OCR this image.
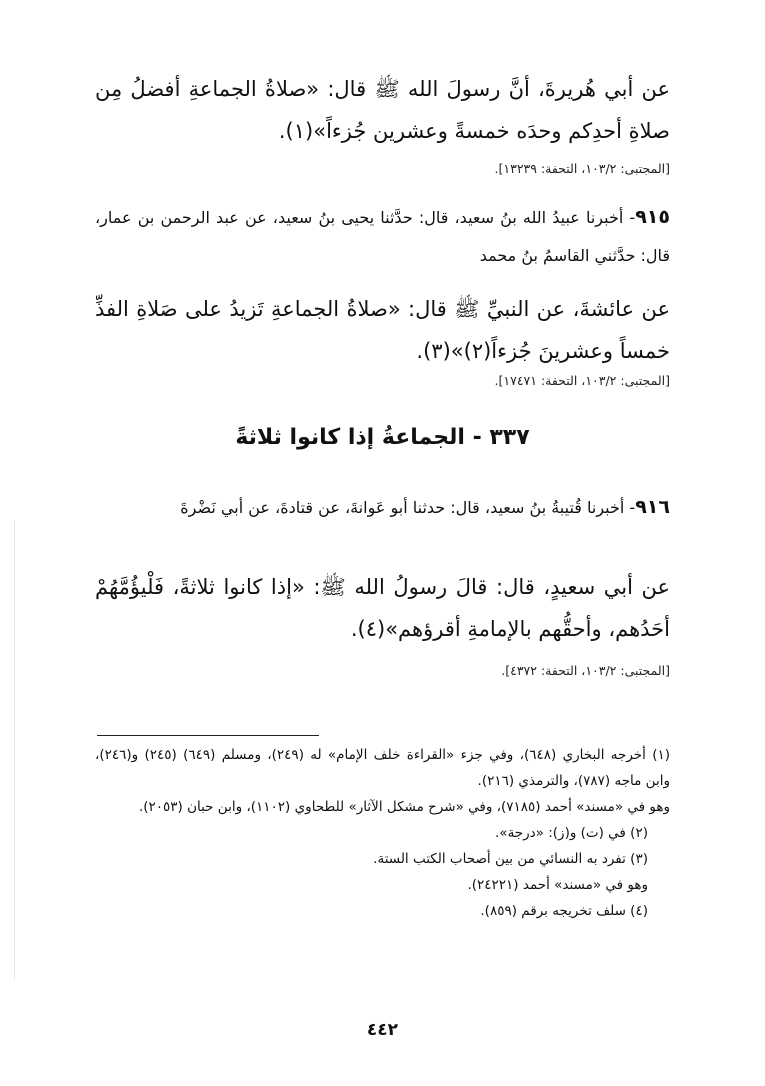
عن أبي هُريرةَ، أنَّ رسولَ الله ﷺ قال: «صلاةُ الجماعةِ أفضلُ مِن صلاةِ أحدِكم وحدَه خمسةً وعشرين جُزءاً»(١).
[المجتبى: ١٠٣/٢، التحفة: ١٣٢٣٩].
٩١٥- أخبرنا عبيدُ الله بنُ سعيد، قال: حدَّثنا يحيى بنُ سعيد، عن عبد الرحمن بن عمار، قال: حدَّثني القاسمُ بنُ محمد
عن عائشةَ، عن النبيِّ ﷺ قال: «صلاةُ الجماعةِ تَزيدُ على صَلاةِ الفذِّ خمساً وعشرينَ جُزءاً(٢)»(٣).
[المجتبى: ١٠٣/٢، التحفة: ١٧٤٧١].
٣٣٧ - الجماعةُ إذا كانوا ثلاثةً
٩١٦- أخبرنا قُتيبةُ بنُ سعيد، قال: حدثنا أبو عَوانةَ، عن قتادةَ، عن أبي نَضْرةَ
عن أبي سعيدٍ، قال: قالَ رسولُ الله ﷺ: «إذا كانوا ثلاثةً، فَلْيؤُمَّهُمْ أحَدُهم، وأحقُّهم بالإمامةِ أقرؤهم»(٤).
[المجتبى: ١٠٣/٢، التحفة: ٤٣٧٢].
(١) أخرجه البخاري (٦٤٨)، وفي جزء «القراءة خلف الإمام» له (٢٤٩)، ومسلم (٦٤٩) (٢٤٥) و(٢٤٦)، وابن ماجه (٧٨٧)، والترمذي (٢١٦).
وهو في «مسند» أحمد (٧١٨٥)، وفي «شرح مشكل الآثار» للطحاوي (١١٠٢)، وابن حبان (٢٠٥٣).
(٢) في (ت) و(ز): «درجة».
(٣) تفرد به النسائي من بين أصحاب الكتب الستة.
وهو في «مسند» أحمد (٢٤٢٢١).
(٤) سلف تخريجه برقم (٨٥٩).
٤٤٢
